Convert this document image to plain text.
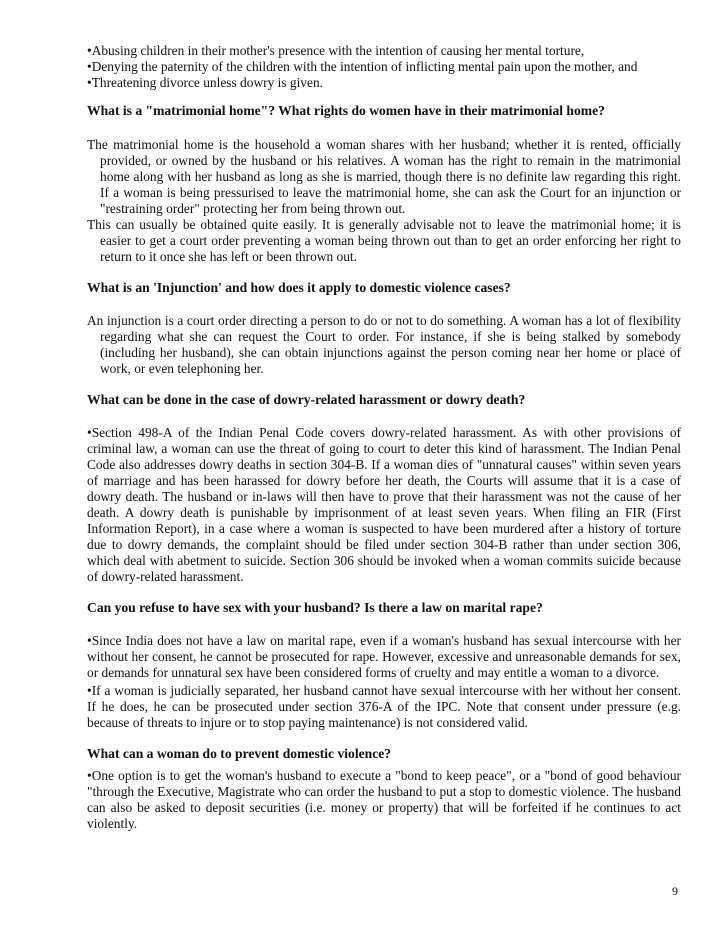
•Abusing children in their mother's presence with the intention of causing her mental torture,

•Denying the paternity of the children with the intention of inflicting mental pain upon the mother, and

•Threatening divorce unless dowry is given.

What is a "matrimonial home"? What rights do women have in their matrimonial home?

The matrimonial home is the household a woman shares with her husband; whether it is rented, officially provided, or owned by the husband or his relatives. A woman has the right to remain in the matrimonial home along with her husband as long as she is married, though there is no definite law regarding this right. If a woman is being pressurised to leave the matrimonial home, she can ask the Court for an injunction or "restraining order" protecting her from being thrown out.

This can usually be obtained quite easily. It is generally advisable not to leave the matrimonial home; it is easier to get a court order preventing a woman being thrown out than to get an order enforcing her right to return to it once she has left or been thrown out.

What is an 'Injunction' and how does it apply to domestic violence cases?

An injunction is a court order directing a person to do or not to do something. A woman has a lot of flexibility regarding what she can request the Court to order. For instance, if she is being stalked by somebody (including her husband), she can obtain injunctions against the person coming near her home or place of work, or even telephoning her.

What can be done in the case of dowry-related harassment or dowry death?

•Section 498-A of the Indian Penal Code covers dowry-related harassment. As with other provisions of criminal law, a woman can use the threat of going to court to deter this kind of harassment. The Indian Penal Code also addresses dowry deaths in section 304-B. If a woman dies of "unnatural causes" within seven years of marriage and has been harassed for dowry before her death, the Courts will assume that it is a case of dowry death. The husband or in-laws will then have to prove that their harassment was not the cause of her death. A dowry death is punishable by imprisonment of at least seven years. When filing an FIR (First Information Report), in a case where a woman is suspected to have been murdered after a history of torture due to dowry demands, the complaint should be filed under section 304-B rather than under section 306, which deal with abetment to suicide. Section 306 should be invoked when a woman commits suicide because of dowry-related harassment.

Can you refuse to have sex with your husband? Is there a law on marital rape?

•Since India does not have a law on marital rape, even if a woman's husband has sexual intercourse with her without her consent, he cannot be prosecuted for rape. However, excessive and unreasonable demands for sex, or demands for unnatural sex have been considered forms of cruelty and may entitle a woman to a divorce.

•If a woman is judicially separated, her husband cannot have sexual intercourse with her without her consent. If he does, he can be prosecuted under section 376-A of the IPC. Note that consent under pressure (e.g. because of threats to injure or to stop paying maintenance) is not considered valid.

What can a woman do to prevent domestic violence?

•One option is to get the woman's husband to execute a "bond to keep peace", or a "bond of good behaviour "through the Executive, Magistrate who can order the husband to put a stop to domestic violence. The husband can also be asked to deposit securities (i.e. money or property) that will be forfeited if he continues to act violently.

9
